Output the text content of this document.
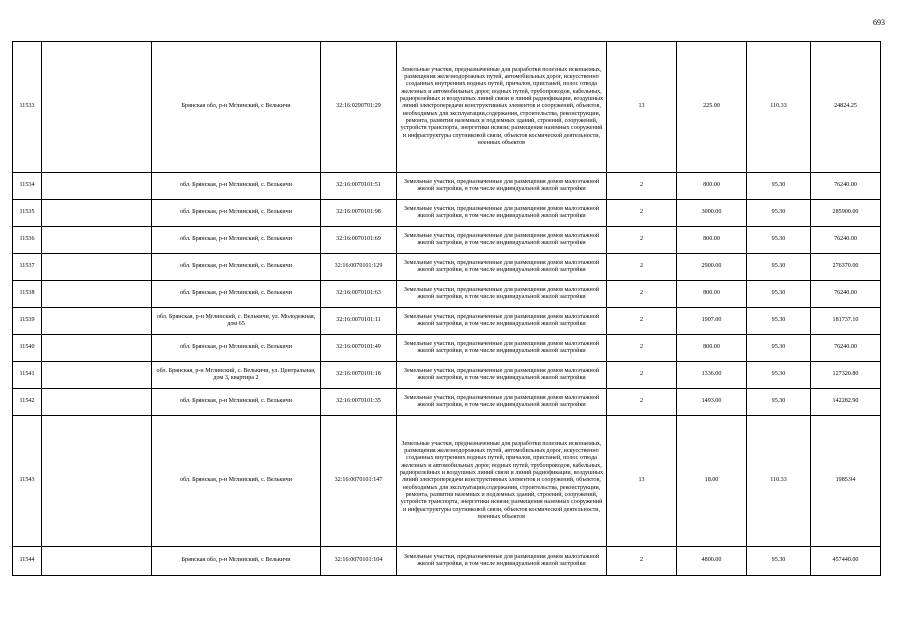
693
11533		Брянская обл, р-н Мглинский, с Велькичи	32:16:0290701:29	Земельные участки, предназначенные для разработки полезных ископаемых, размещения железнодорожных путей, автомобильных дорог, искусственно созданных внутренних водных путей, причалов, пристаней, полос отвода железных и автомобильных дорог, водных путей, трубопроводов, кабельных, радиорелейных и воздушных линий связи и линий радиофикации, воздушных линий электропередачи конструктивных элементов и сооружений, объектов, необходимых для эксплуатации,содержания, строительства, реконструкции, ремонта, развития наземных и подземных зданий, строений, сооружений, устройств транспорта, энергетики исвязи; размещения наземных сооружений и инфраструктуры спутниковой связи, объектов космической деятельности, военных объектов	13	225.00	110.33	24824.25
11534		обл. Брянская, р-н Мглинский, с. Велькичи	32:16:0070101:51	Земельные участки, предназначенные для размещения домов малоэтажной жилой застройки, в том числе индивидуальной жилой застройки	2	800.00	95.30	76240.00
11535		обл. Брянская, р-н Мглинский, с. Велькичи	32:16:0070101:98	Земельные участки, предназначенные для размещения домов малоэтажной жилой застройки, в том числе индивидуальной жилой застройки	2	3000.00	95.30	285900.00
11536		обл. Брянская, р-н Мглинский, с. Велькичи	32:16:0070101:69	Земельные участки, предназначенные для размещения домов малоэтажной жилой застройки, в том числе индивидуальной жилой застройки	2	800.00	95.30	76240.00
11537		обл. Брянская, р-н Мглинский, с. Велькичи	32:16:0070101:129	Земельные участки, предназначенные для размещения домов малоэтажной жилой застройки, в том числе индивидуальной жилой застройки	2	2900.00	95.30	276370.00
11538		обл. Брянская, р-н Мглинский, с. Велькичи	32:16:0070101:63	Земельные участки, предназначенные для размещения домов малоэтажной жилой застройки, в том числе индивидуальной жилой застройки	2	800.00	95.30	76240.00
11539		обл. Брянская, р-н Мглинский, с. Велькичи, ул. Молодежная, дом 65	32:16:0070101:11	Земельные участки, предназначенные для размещения домов малоэтажной жилой застройки, в том числе индивидуальной жилой застройки	2	1907.00	95.30	181737.10
11540		обл. Брянская, р-н Мглинский, с. Велькичи	32:16:0070101:49	Земельные участки, предназначенные для размещения домов малоэтажной жилой застройки, в том числе индивидуальной жилой застройки	2	800.00	95.30	76240.00
11541		обл. Брянская, р-н Мглинский, с. Велькичи, ул. Центральная, дом 3, квартира 2	32:16:0070101:18	Земельные участки, предназначенные для размещения домов малоэтажной жилой застройки, в том числе индивидуальной жилой застройки	2	1336.00	95.30	127320.80
11542		обл. Брянская, р-н Мглинский, с. Велькичи	32:16:0070101:35	Земельные участки, предназначенные для размещения домов малоэтажной жилой застройки, в том числе индивидуальной жилой застройки	2	1493.00	95.30	142282.90
11543		обл. Брянская, р-н Мглинский, с. Велькичи	32:16:0070101:147	Земельные участки, предназначенные для разработки полезных ископаемых, размещения железнодорожных путей, автомобильных дорог, искусственно созданных внутренних водных путей, причалов, пристаней, полос отвода железных и автомобильных дорог, водных путей, трубопроводов, кабельных, радиорелейных и воздушных линий связи и линий радиофикации, воздушных линий электропередачи конструктивных элементов и сооружений, объектов, необходимых для эксплуатации,содержания, строительства, реконструкции, ремонта, развития наземных и подземных зданий, строений, сооружений, устройств транспорта, энергетики исвязи; размещения наземных сооружений и инфраструктуры спутниковой связи, объектов космической деятельности, военных объектов	13	18.00	110.33	1985.94
11544		Брянская обл, р-н Мглинский, с Велькичи	32:16:0070101:104	Земельные участки, предназначенные для размещения домов малоэтажной жилой застройки, в том числе индивидуальной жилой застройки	2	4800.00	95.30	457440.00
